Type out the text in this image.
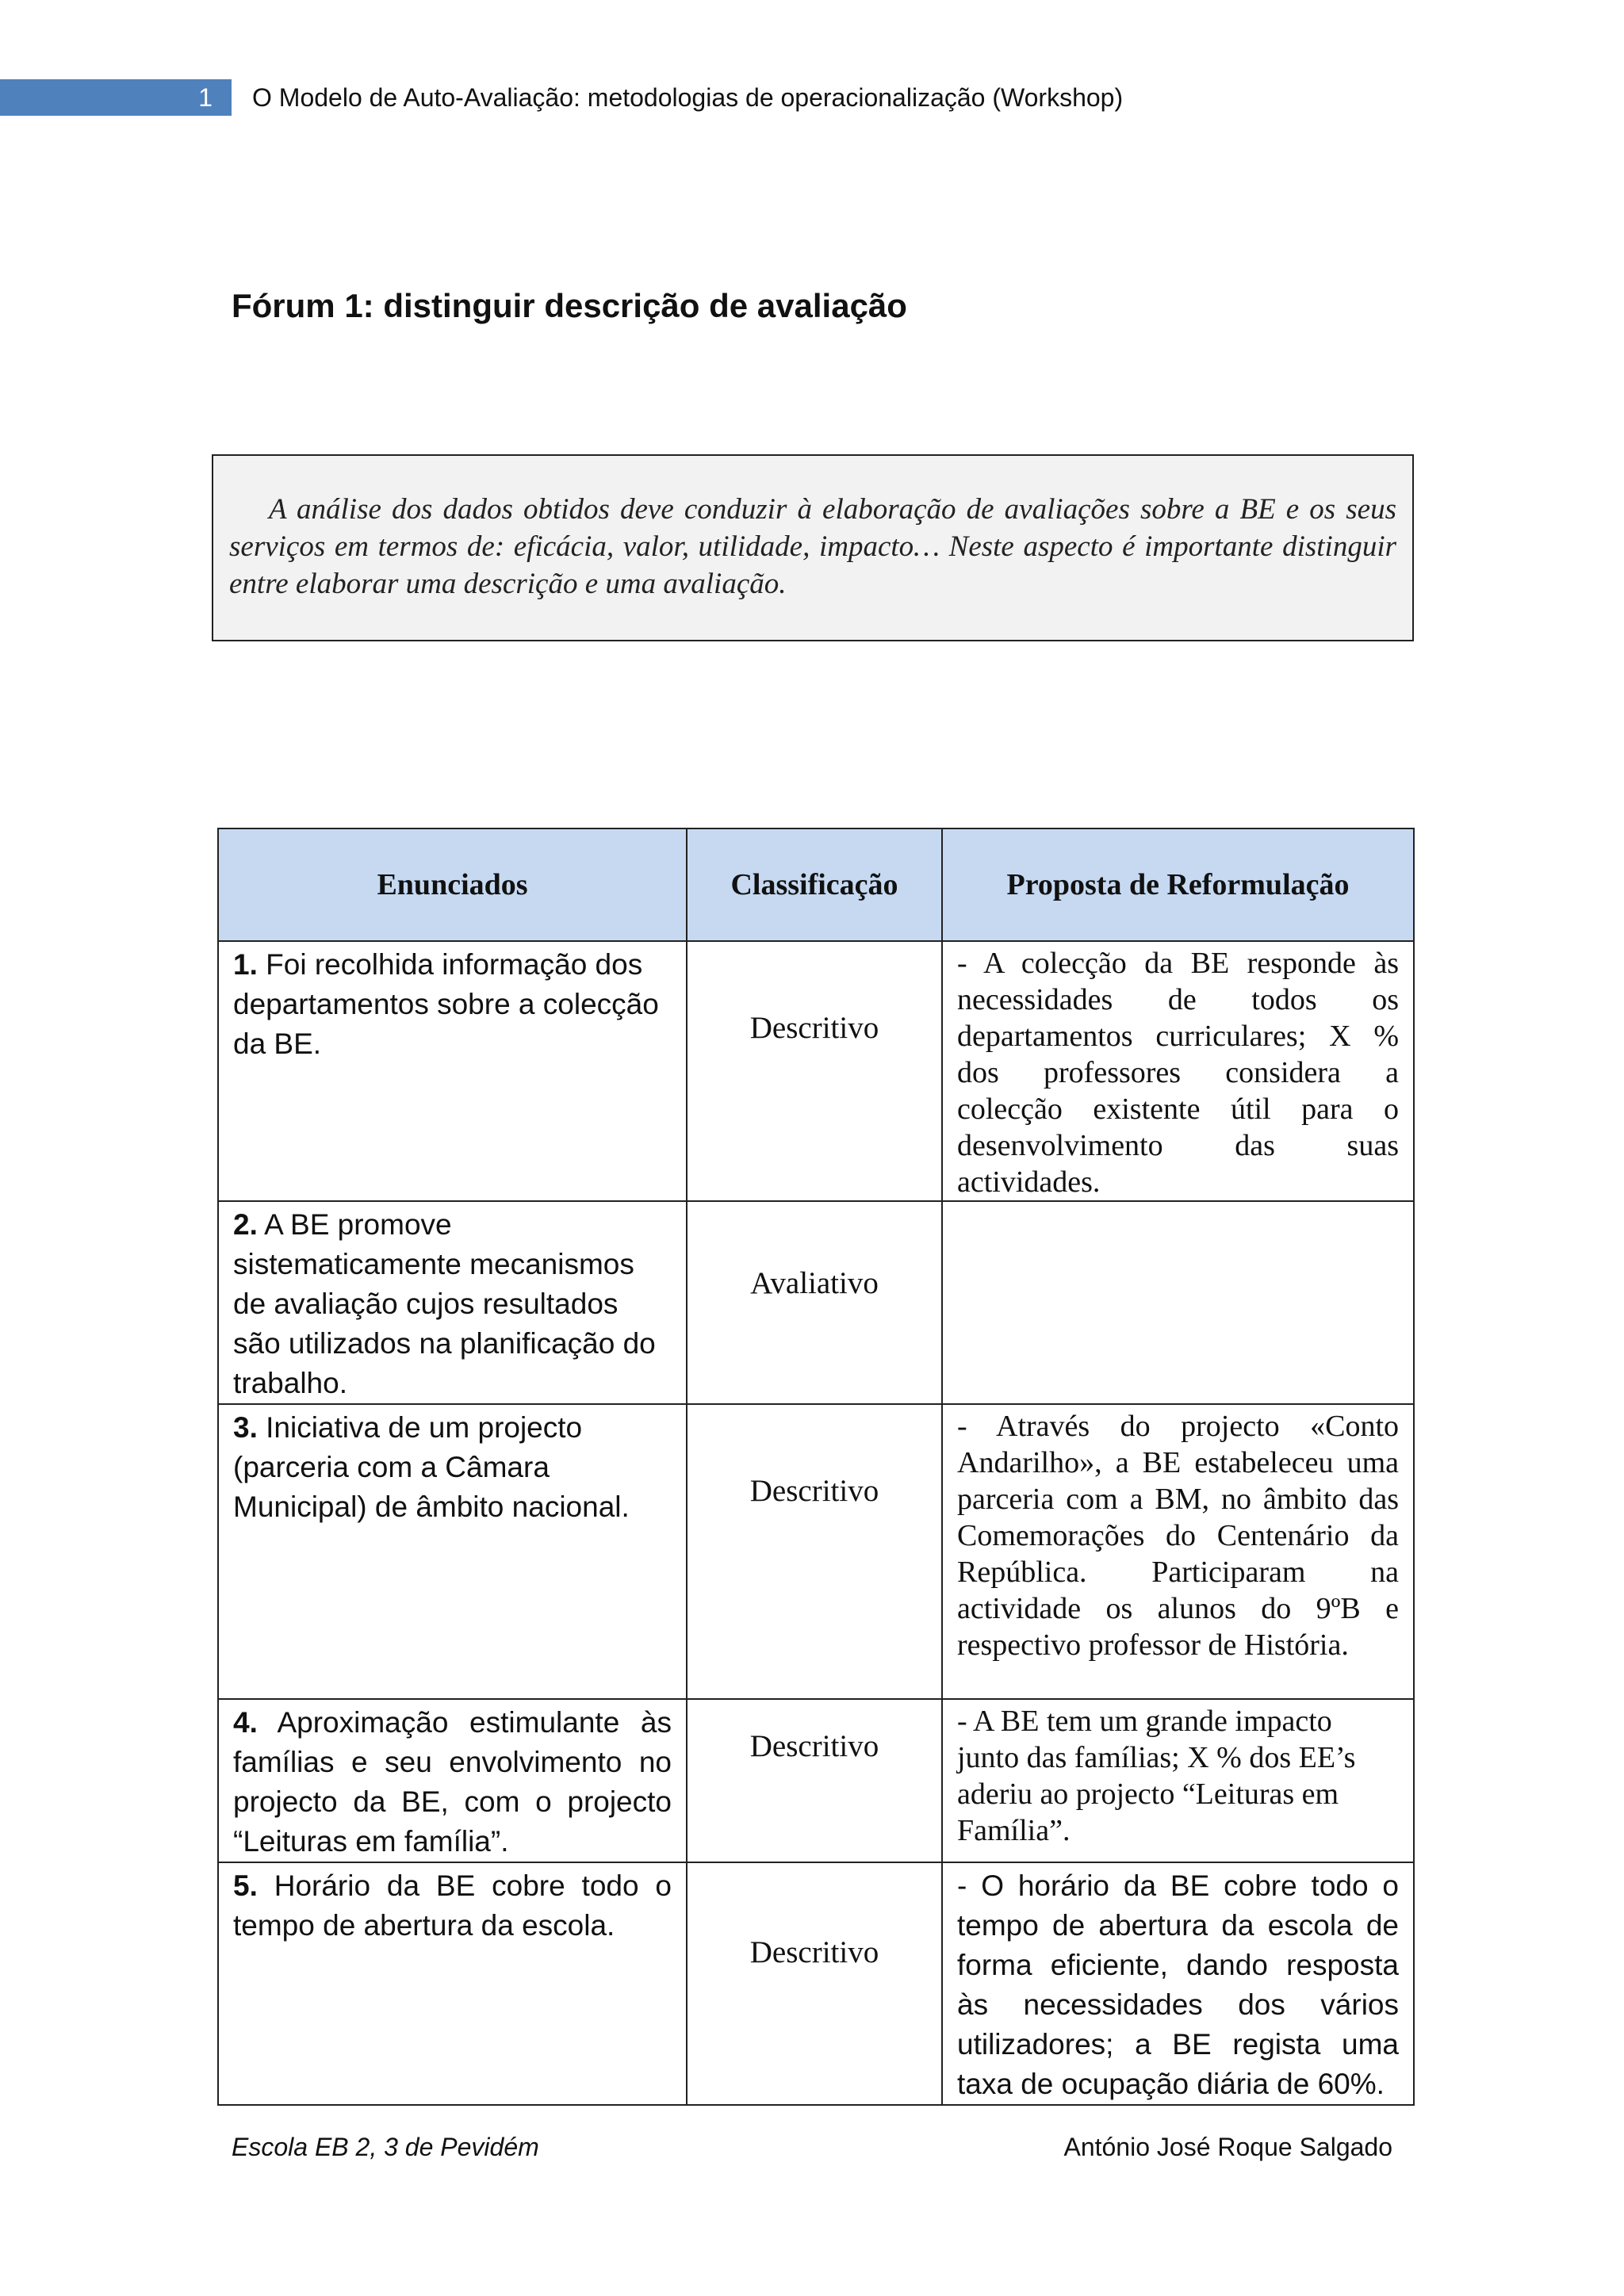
1 O Modelo de Auto-Avaliação: metodologias de operacionalização (Workshop)
Fórum 1: distinguir descrição de avaliação

A análise dos dados obtidos deve conduzir à elaboração de avaliações sobre a BE e os seus serviços em termos de: eficácia, valor, utilidade, impacto… Neste aspecto é importante distinguir entre elaborar uma descrição e uma avaliação.

Enunciados	Classificação	Proposta de Reformulação
1. Foi recolhida informação dos departamentos sobre a colecção da BE.	Descritivo	- A colecção da BE responde às necessidades de todos os departamentos curriculares; X % dos professores considera a colecção existente útil para o desenvolvimento das suas actividades.
2. A BE promove sistematicamente mecanismos de avaliação cujos resultados são utilizados na planificação do trabalho.	Avaliativo	
3. Iniciativa de um projecto (parceria com a Câmara Municipal) de âmbito nacional.	Descritivo	- Através do projecto «Conto Andarilho», a BE estabeleceu uma parceria com a BM, no âmbito das Comemorações do Centenário da República. Participaram na actividade os alunos do 9ºB e respectivo professor de História.
4. Aproximação estimulante às famílias e seu envolvimento no projecto da BE, com o projecto “Leituras em família”.	Descritivo	- A BE tem um grande impacto junto das famílias; X % dos EE’s aderiu ao projecto “Leituras em Família”.
5. Horário da BE cobre todo o tempo de abertura da escola.	Descritivo	- O horário da BE cobre todo o tempo de abertura da escola de forma eficiente, dando resposta às necessidades dos vários utilizadores; a BE regista uma taxa de ocupação diária de 60%.
Escola EB 2, 3 de Pevidém	António José Roque Salgado
